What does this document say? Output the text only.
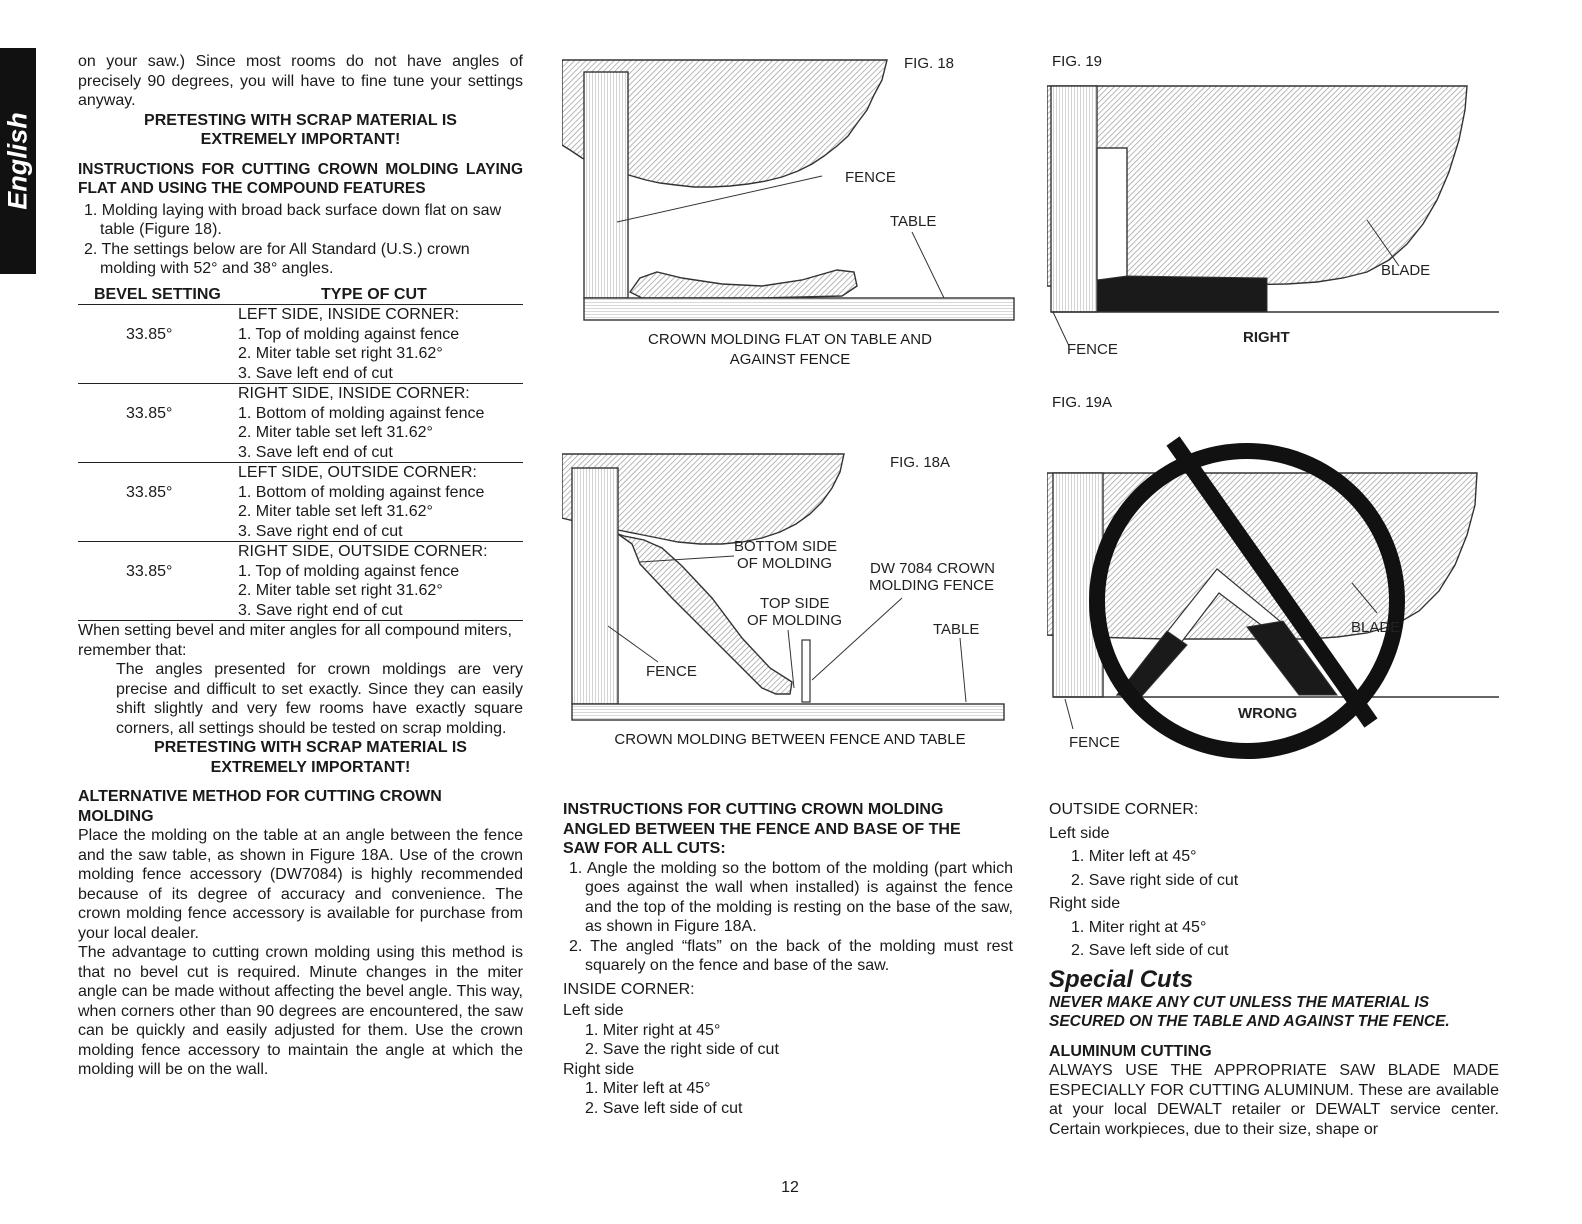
English

on your saw.) Since most rooms do not have angles of precisely 90 degrees, you will have to fine tune your settings anyway.

PRETESTING WITH SCRAP MATERIAL IS

EXTREMELY IMPORTANT!

INSTRUCTIONS FOR CUTTING CROWN MOLDING LAYING FLAT AND USING THE COMPOUND FEATURES

1. Molding laying with broad back surface down flat on saw table (Figure 18).

2. The settings below are for All Standard (U.S.) crown molding with 52° and 38° angles.

BEVEL SETTING	TYPE OF CUT
33.85°
LEFT SIDE, INSIDE CORNER:
1. Top of molding against fence
2. Miter table set right 31.62°
3. Save left end of cut
33.85°
RIGHT SIDE, INSIDE CORNER:
1. Bottom of molding against fence
2. Miter table set left 31.62°
3. Save left end of cut
33.85°
LEFT SIDE, OUTSIDE CORNER:
1. Bottom of molding against fence
2. Miter table set left 31.62°
3. Save right end of cut
33.85°
RIGHT SIDE, OUTSIDE CORNER:
1. Top of molding against fence
2. Miter table set right 31.62°
3. Save right end of cut

When setting bevel and miter angles for all compound miters, remember that:

The angles presented for crown moldings are very precise and difficult to set exactly. Since they can easily shift slightly and very few rooms have exactly square corners, all settings should be tested on scrap molding.

PRETESTING WITH SCRAP MATERIAL IS

EXTREMELY IMPORTANT!

ALTERNATIVE METHOD FOR CUTTING CROWN MOLDING

Place the molding on the table at an angle between the fence and the saw table, as shown in Figure 18A. Use of the crown molding fence accessory (DW7084) is highly recommended because of its degree of accuracy and convenience. The crown molding fence accessory is available for purchase from your local dealer.

The advantage to cutting crown molding using this method is that no bevel cut is required. Minute changes in the miter angle can be made without affecting the bevel angle. This way, when corners other than 90 degrees are encountered, the saw can be quickly and easily adjusted for them. Use the crown molding fence accessory to maintain the angle at which the molding will be on the wall.

FIG. 18
FENCE
TABLE
CROWN MOLDING FLAT ON TABLE AND
AGAINST FENCE
FIG. 18A
BOTTOM SIDE
OF MOLDING	DW 7084 CROWN
MOLDING FENCE
TOP SIDE
OF MOLDING
TABLE
FENCE
CROWN MOLDING BETWEEN FENCE AND TABLE
FIG. 19
BLADE
FENCE
RIGHT
FIG. 19A
BLADE
WRONG
FENCE

INSTRUCTIONS FOR CUTTING CROWN MOLDING ANGLED BETWEEN THE FENCE AND BASE OF THE SAW FOR ALL CUTS:

1. Angle the molding so the bottom of the molding (part which goes against the wall when installed) is against the fence and the top of the molding is resting on the base of the saw, as shown in Figure 18A.

2. The angled “flats” on the back of the molding must rest squarely on the fence and base of the saw.

INSIDE CORNER:

Left side

1. Miter right at 45°

2. Save the right side of cut

Right side

1. Miter left at 45°

2. Save left side of cut

OUTSIDE CORNER:

Left side

1. Miter left at 45°

2. Save right side of cut

Right side

1. Miter right at 45°

2. Save left side of cut

Special Cuts

NEVER MAKE ANY CUT UNLESS THE MATERIAL IS SECURED ON THE TABLE AND AGAINST THE FENCE.

ALUMINUM CUTTING

ALWAYS USE THE APPROPRIATE SAW BLADE MADE ESPECIALLY FOR CUTTING ALUMINUM. These are available at your local DEWALT retailer or DEWALT service center. Certain workpieces, due to their size, shape or

12
